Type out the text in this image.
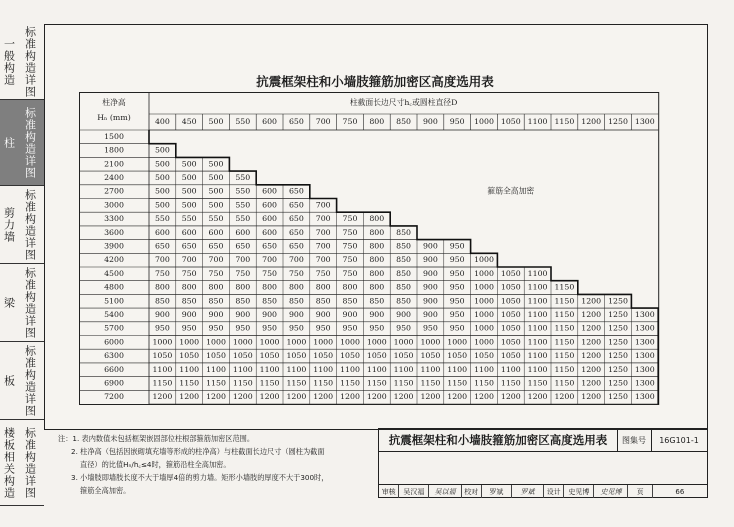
一般构造 标准构造详图
柱 标准构造详图
剪力墙 标准构造详图
梁 标准构造详图
板 标准构造详图
楼板相关构造 标准构造详图
抗震框架柱和小墙肢箍筋加密区高度选用表
柱净高
Hₙ (mm)
柱截面长边尺寸h꜀或圆柱直径D
400 450 500 550 600 650 700 750 800 850 900 950 1000 1050 1100 1150 1200 1250 1300
1500
1800	500
2100	500 500 500
2400	500 500 500 550
2700	500 500 500 550 600 650
3000	500 500 500 550 600 650 700
3300	550 550 550 550 600 650 700 750 800
3600	600 600 600 600 600 650 700 750 800 850
3900	650 650 650 650 650 650 700 750 800 850 900 950
4200	700 700 700 700 700 700 700 750 800 850 900 950 1000
4500	750 750 750 750 750 750 750 750 800 850 900 950 1000 1050 1100
4800	800 800 800 800 800 800 800 800 800 850 900 950 1000 1050 1100 1150
5100	850 850 850 850 850 850 850 850 850 850 900 950 1000 1050 1100 1150 1200 1250
5400	900 900 900 900 900 900 900 900 900 900 900 950 1000 1050 1100 1150 1200 1250 1300
5700	950 950 950 950 950 950 950 950 950 950 950 950 1000 1050 1100 1150 1200 1250 1300
6000	1000 1000 1000 1000 1000 1000 1000 1000 1000 1000 1000 1000 1000 1050 1100 1150 1200 1250 1300
6300	1050 1050 1050 1050 1050 1050 1050 1050 1050 1050 1050 1050 1050 1050 1100 1150 1200 1250 1300
6600	1100 1100 1100 1100 1100 1100 1100 1100 1100 1100 1100 1100 1100 1100 1100 1150 1200 1250 1300
6900	1150 1150 1150 1150 1150 1150 1150 1150 1150 1150 1150 1150 1150 1150 1150 1150 1200 1250 1300
7200	1200 1200 1200 1200 1200 1200 1200 1200 1200 1200 1200 1200 1200 1200 1200 1200 1200 1250 1300
箍筋全高加密
注：1. 表内数值未包括框架嵌固部位柱根部箍筋加密区范围。
2. 柱净高（包括因嵌砌填充墙等形成的柱净高）与柱截面长边尺寸（圆柱为截面
直径）的比值Hₙ/h꜀≤4时，箍筋沿柱全高加密。
3. 小墙肢即墙肢长度不大于墙厚4倍的剪力墙。矩形小墙肢的厚度不大于300时，
箍筋全高加密。
抗震框架柱和小墙肢箍筋加密区高度选用表	图集号	16G101-1
审核	吴汉福	吴以福	校对	罗斌	罗斌	设计	史见博	史见博	页	66
